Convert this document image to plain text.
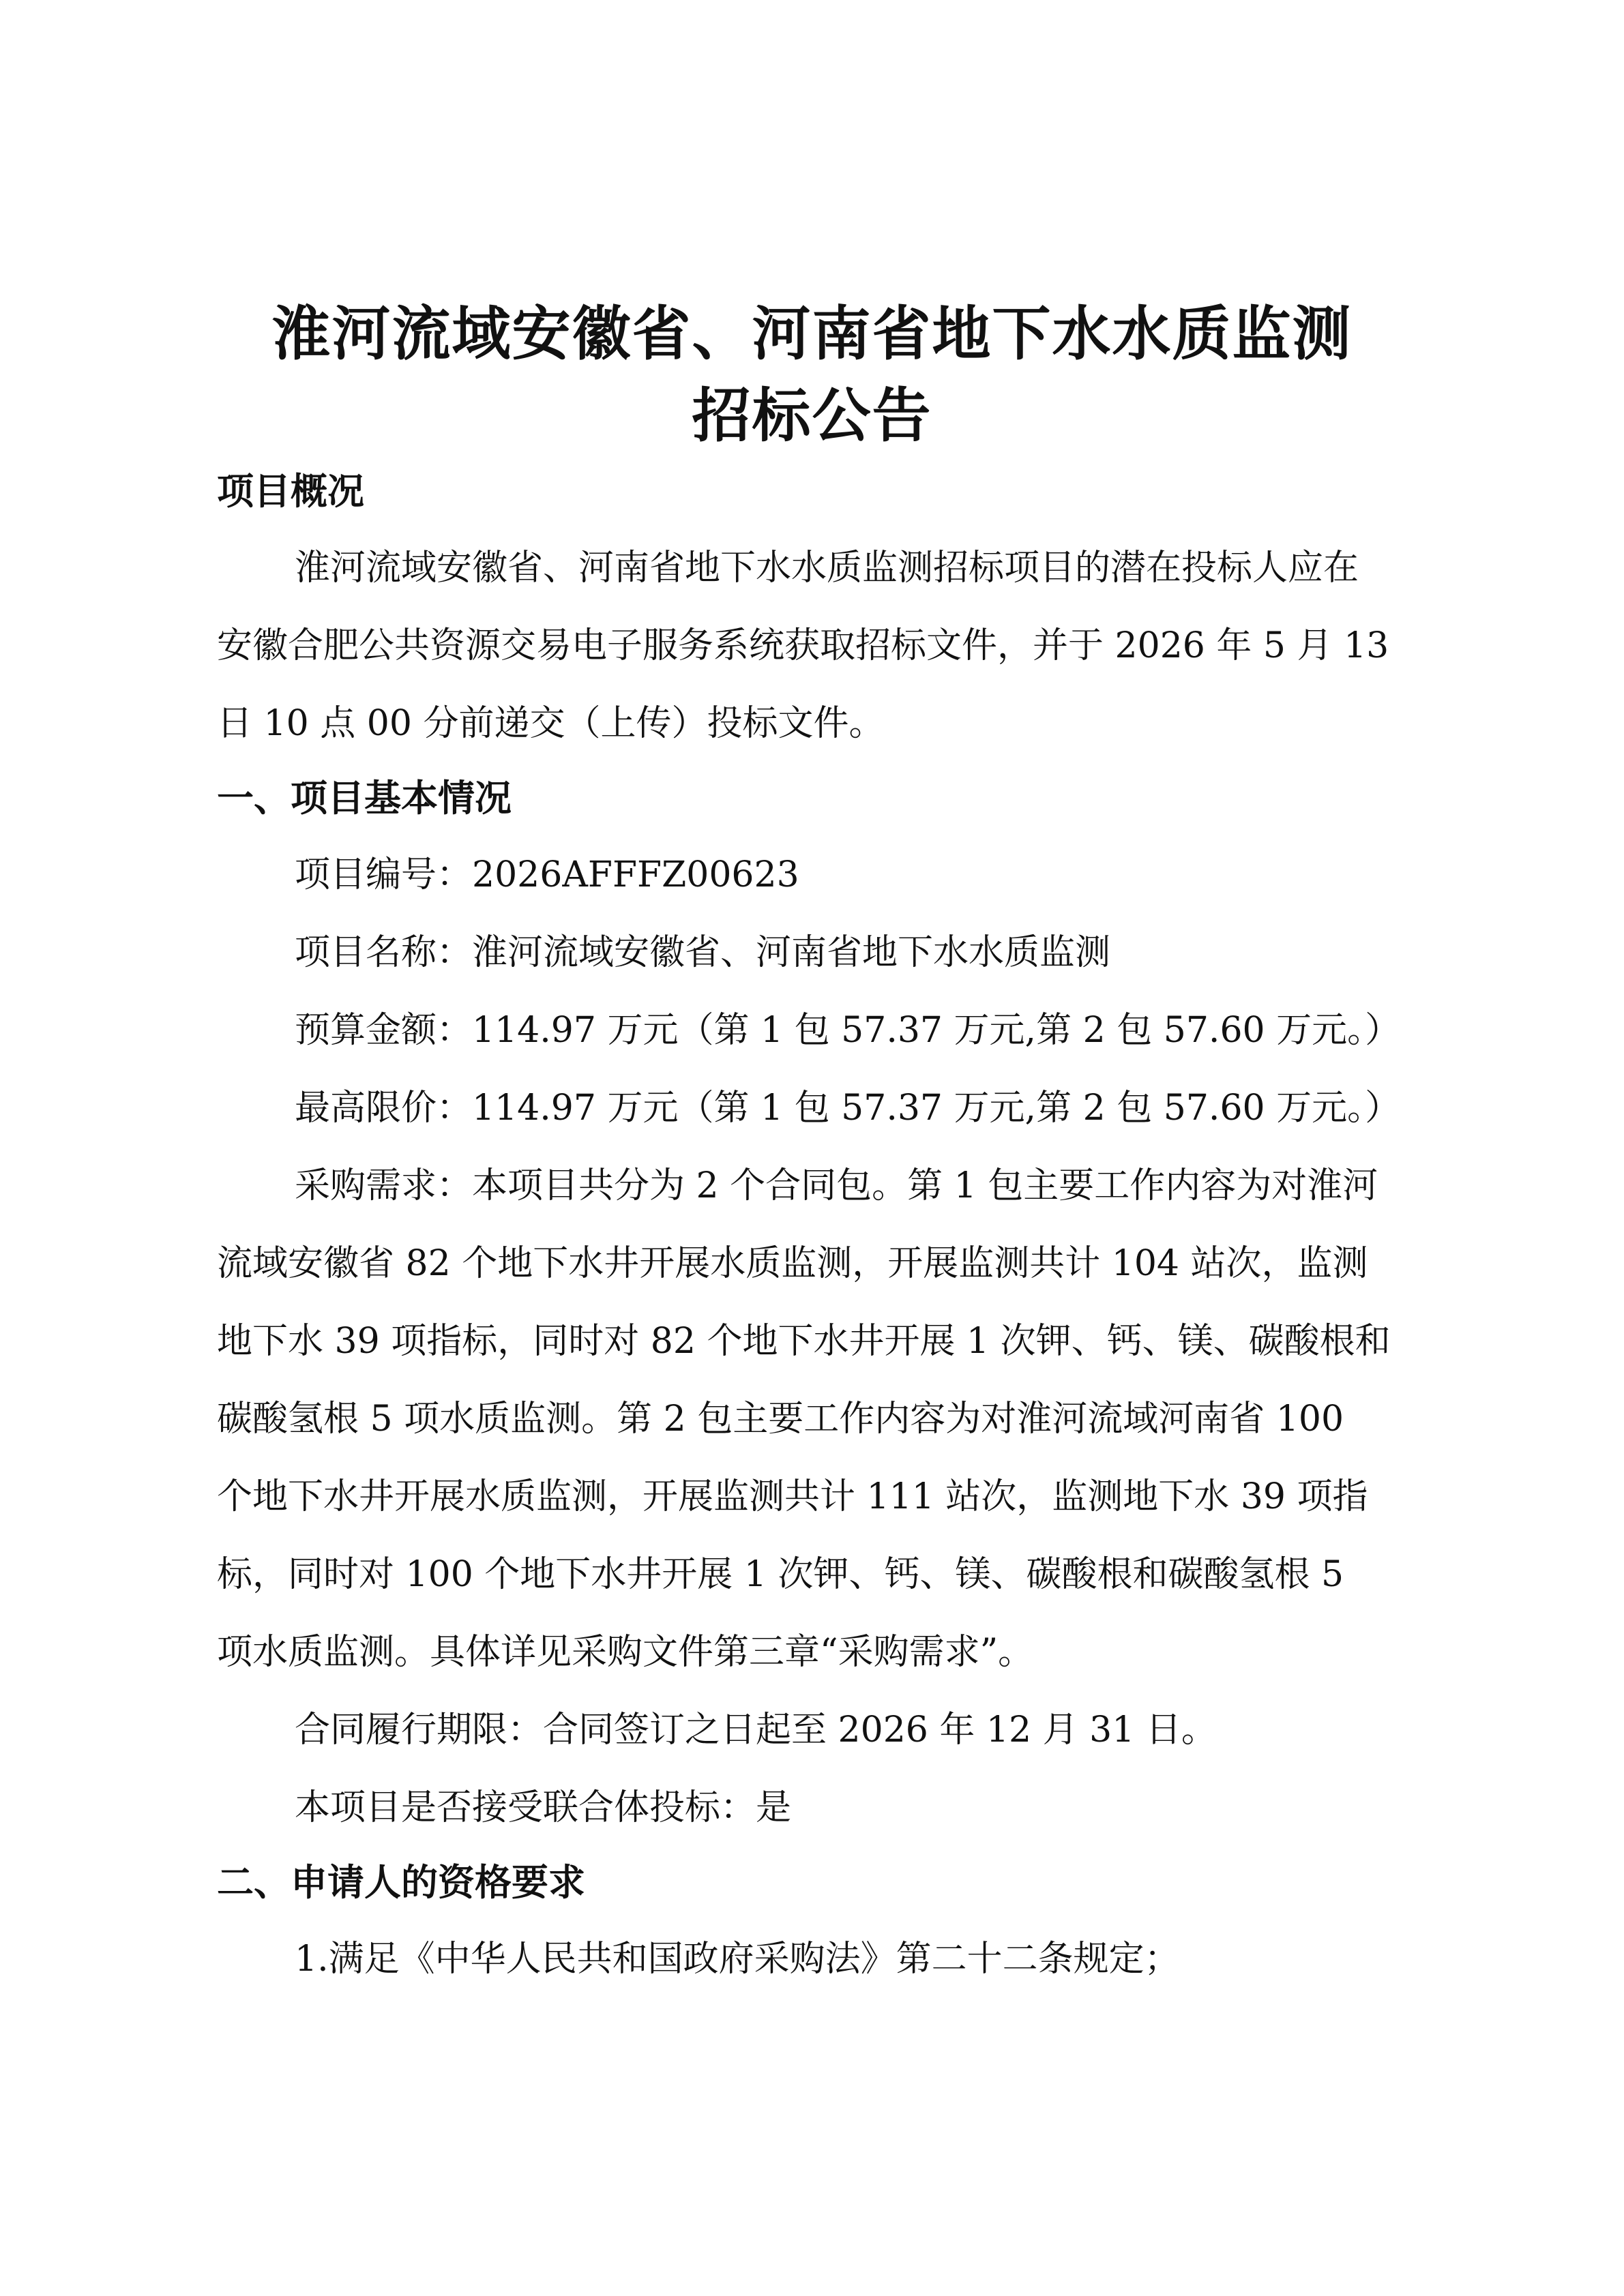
淮河流域安徽省、河南省地下水水质监测
招标公告
项目概况
淮河流域安徽省、河南省地下水水质监测招标项目的潜在投标人应在
安徽合肥公共资源交易电子服务系统获取招标文件，并于 2026 年 5 月 13
日 10 点 00 分前递交（上传）投标文件。
一、项目基本情况
项目编号：2026AFFFZ00623
项目名称：淮河流域安徽省、河南省地下水水质监测
预算金额：114.97 万元（第 1 包 57.37 万元,第 2 包 57.60 万元。）
最高限价：114.97 万元（第 1 包 57.37 万元,第 2 包 57.60 万元。）
采购需求：本项目共分为 2 个合同包。第 1 包主要工作内容为对淮河
流域安徽省 82 个地下水井开展水质监测，开展监测共计 104 站次，监测
地下水 39 项指标，同时对 82 个地下水井开展 1 次钾、钙、镁、碳酸根和
碳酸氢根 5 项水质监测。第 2 包主要工作内容为对淮河流域河南省 100
个地下水井开展水质监测，开展监测共计 111 站次，监测地下水 39 项指
标，同时对 100 个地下水井开展 1 次钾、钙、镁、碳酸根和碳酸氢根 5
项水质监测。具体详见采购文件第三章“采购需求”。
合同履行期限：合同签订之日起至 2026 年 12 月 31 日。
本项目是否接受联合体投标：是
二、申请人的资格要求
1.满足《中华人民共和国政府采购法》第二十二条规定；
